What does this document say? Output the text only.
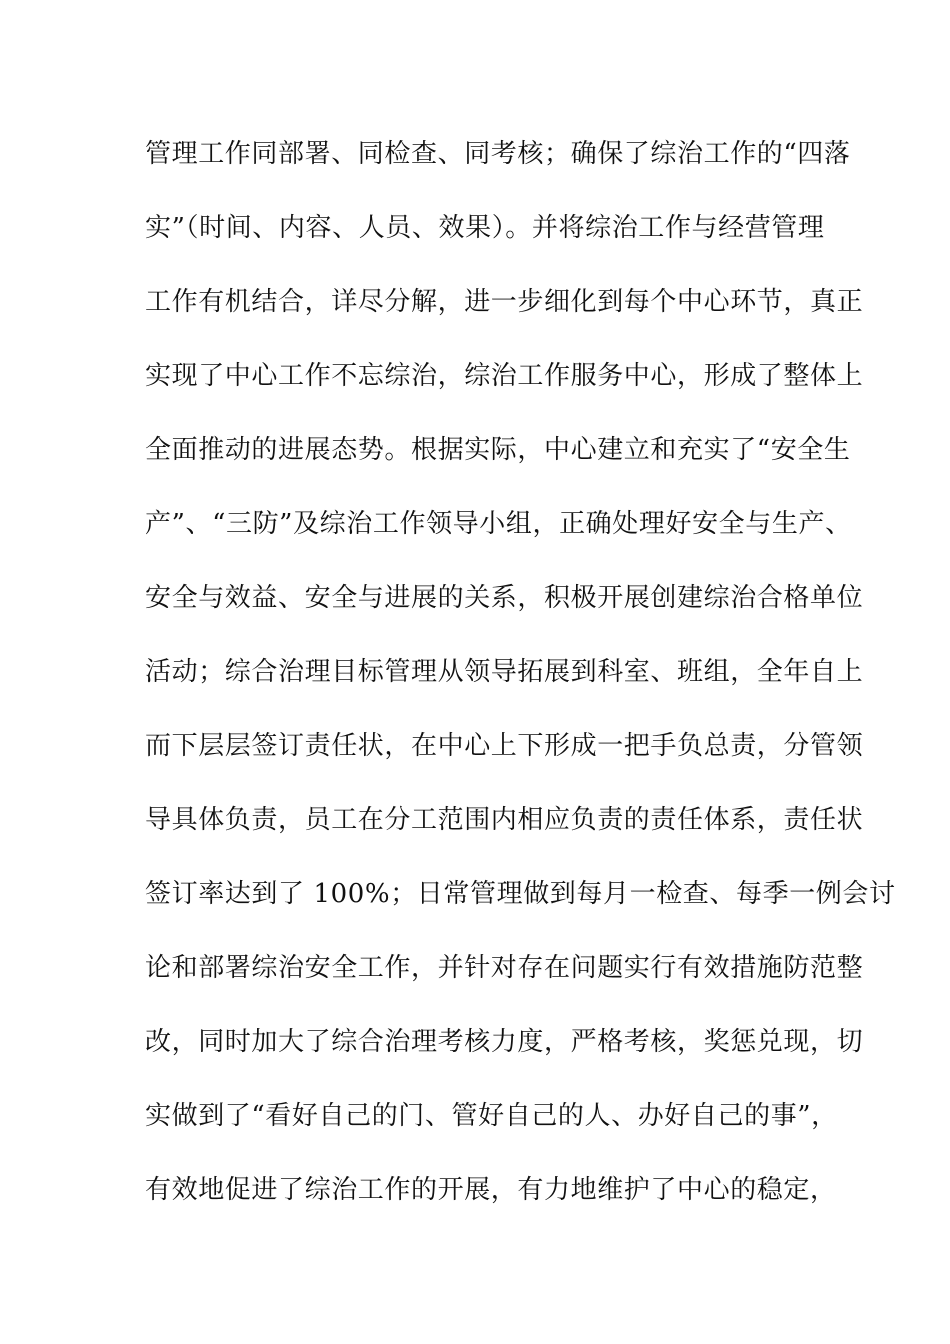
管理工作同部署、同检查、同考核；确保了综治工作的“四落
实”（时间、内容、人员、效果）。并将综治工作与经营管理
工作有机结合，详尽分解，进一步细化到每个中心环节，真正
实现了中心工作不忘综治，综治工作服务中心，形成了整体上
全面推动的进展态势。根据实际，中心建立和充实了“安全生
产”、“三防”及综治工作领导小组，正确处理好安全与生产、
安全与效益、安全与进展的关系，积极开展创建综治合格单位
活动；综合治理目标管理从领导拓展到科室、班组，全年自上
而下层层签订责任状，在中心上下形成一把手负总责，分管领
导具体负责，员工在分工范围内相应负责的责任体系，责任状
签订率达到了 100%；日常管理做到每月一检查、每季一例会讨
论和部署综治安全工作，并针对存在问题实行有效措施防范整
改，同时加大了综合治理考核力度，严格考核，奖惩兑现，切
实做到了“看好自己的门、管好自己的人、办好自己的事”，
有效地促进了综治工作的开展，有力地维护了中心的稳定，
